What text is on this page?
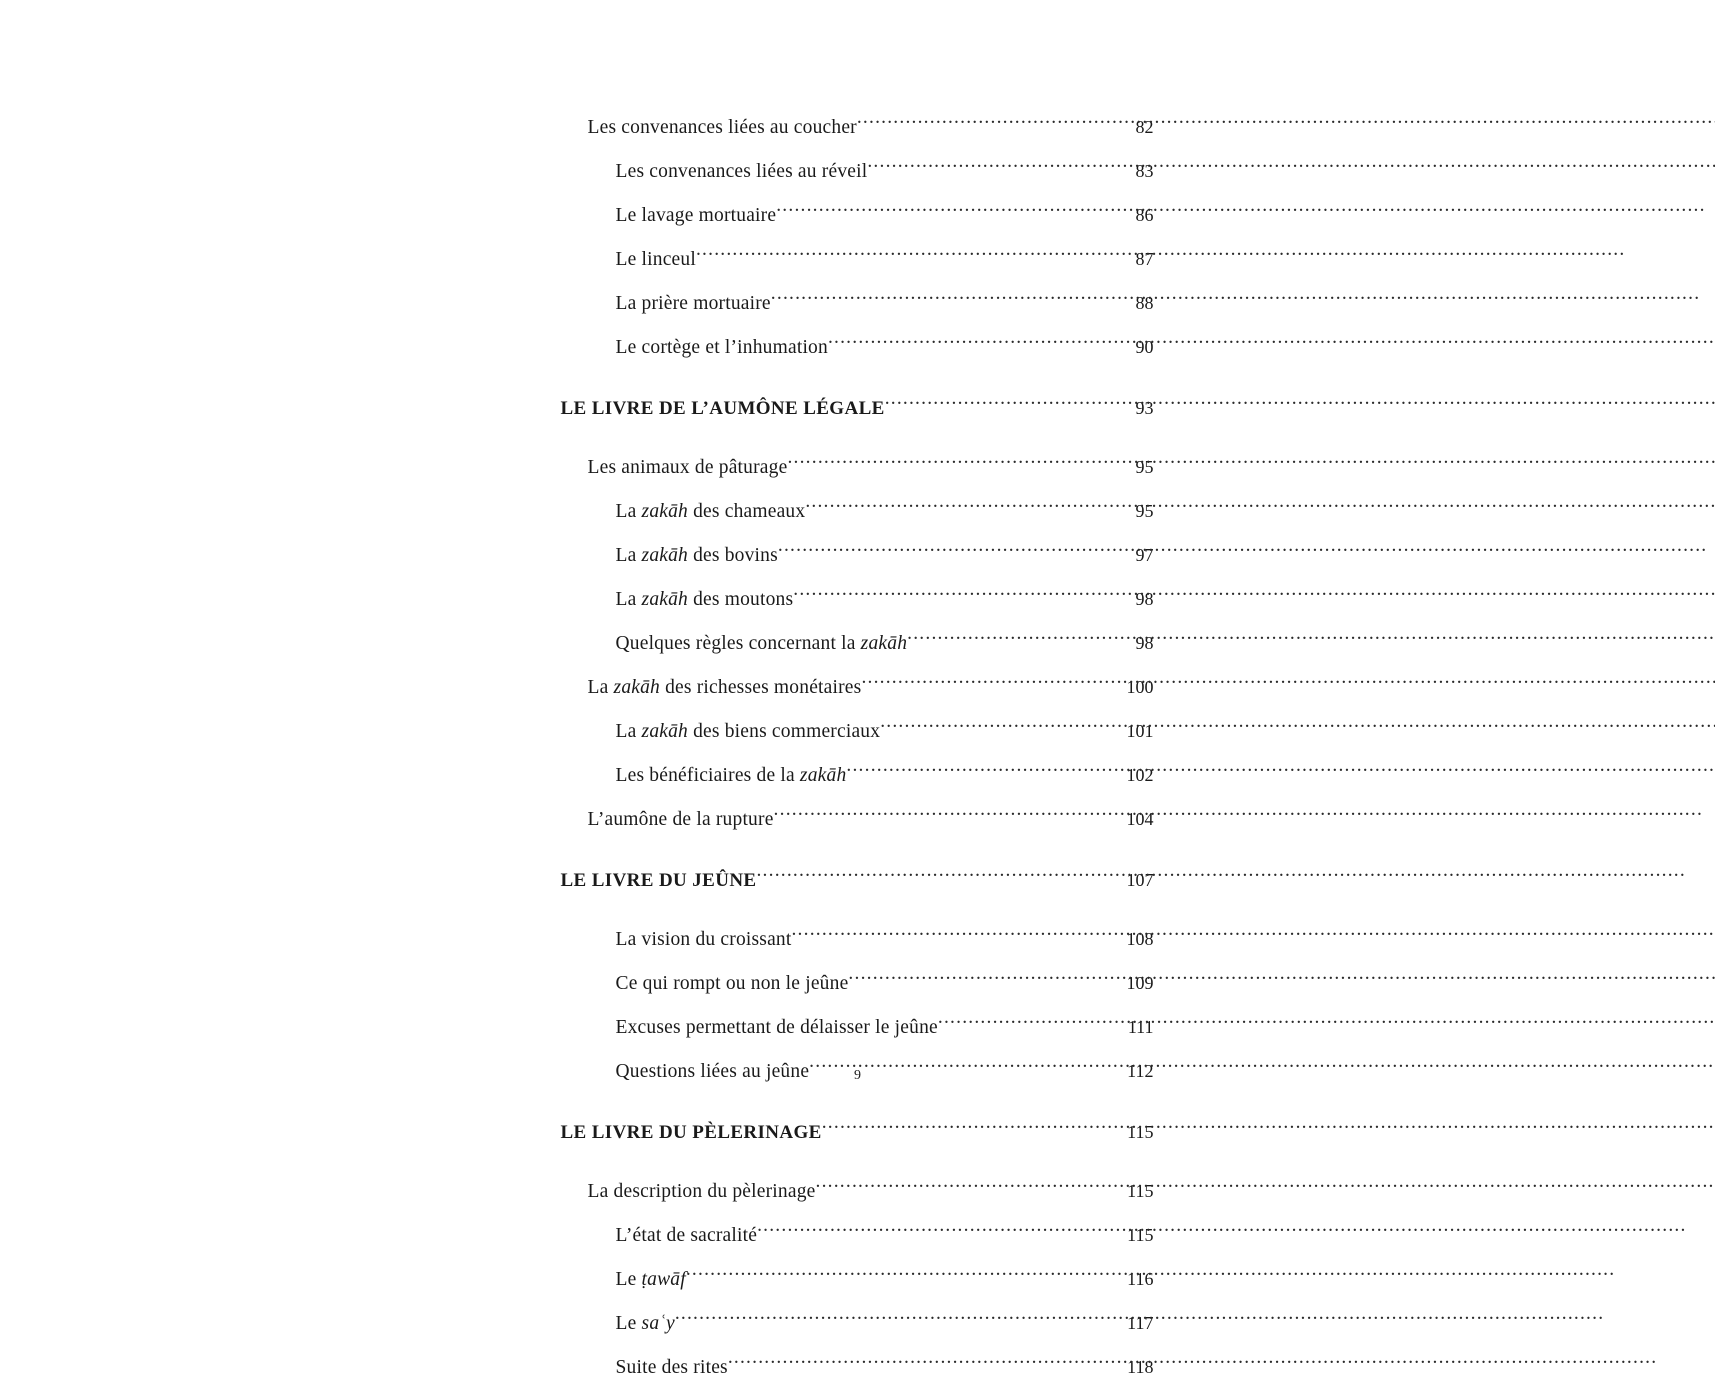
Les convenances liées au coucher .....	82
Les convenances liées au réveil .....	83
Le lavage mortuaire .....	86
Le linceul .....	87
La prière mortuaire .....	88
Le cortège et l’inhumation .....	90
LE LIVRE DE L’AUMÔNE LÉGALE .....	93
Les animaux de pâturage .....	95
La zakāh des chameaux .....	95
La zakāh des bovins .....	97
La zakāh des moutons .....	98
Quelques règles concernant la zakāh .....	98
La zakāh des richesses monétaires .....	100
La zakāh des biens commerciaux .....	101
Les bénéficiaires de la zakāh .....	102
L’aumône de la rupture .....	104
LE LIVRE DU JEÛNE .....	107
La vision du croissant .....	108
Ce qui rompt ou non le jeûne .....	109
Excuses permettant de délaisser le jeûne .....	111
Questions liées au jeûne .....	112
LE LIVRE DU PÈLERINAGE .....	115
La description du pèlerinage .....	115
L’état de sacralité .....	115
Le ṭawāf .....	116
Le saʿy .....	117
Suite des rites .....	118
9
